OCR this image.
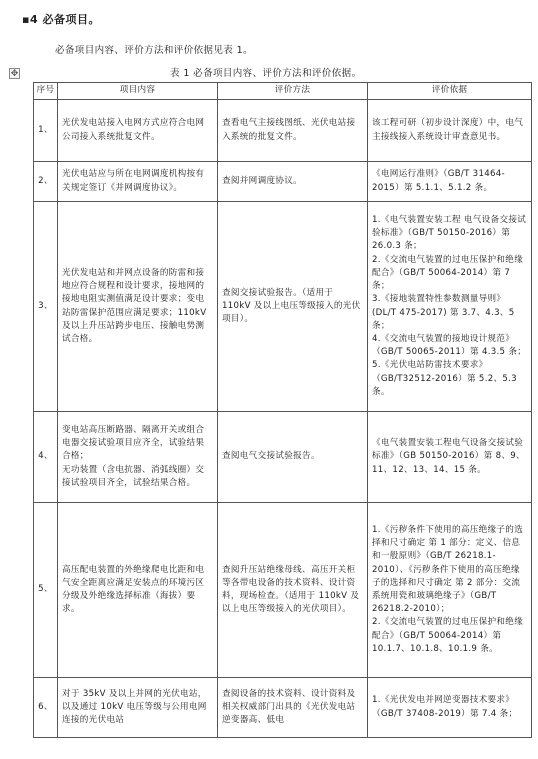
▪4 必备项目。
必备项目内容、评价方法和评价依据见表 1。
✥	表 1 必备项目内容、评价方法和评价依据。
序号	项目内容	评价方法	评价依据
1、	光伏发电站接入电网方式应符合电网公司接入系统批复文件。	查看电气主接线图纸、光伏电站接入系统的批复文件。	该工程可研（初步设计深度）中，电气主接线接入系统设计审查意见书。
2、	光伏电站应与所在电网调度机构按有关规定签订《并网调度协议》。	查阅并网调度协议。	《电网运行准则》（GB/T 31464-2015）第 5.1.1、5.1.2 条。
3、	光伏发电站和并网点设备的防雷和接地应符合规程和设计要求，接地网的接地电阻实测值满足设计要求；变电站防雷保护范围应满足要求；110kV 及以上升压站跨步电压、接触电势测试合格。	查阅交接试验报告。（适用于 110kV 及以上电压等级接入的光伏项目）。	1.《电气装置安装工程 电气设备交接试验标准》（GB/T 50150-2016）第 26.0.3 条；
2.《交流电气装置的过电压保护和绝缘配合》（GB/T 50064-2014）第 7 条；
3.《接地装置特性参数测量导则》(DL/T 475-2017) 第 3.7、4.3、5 条；
4.《交流电气装置的接地设计规范》（GB/T 50065-2011）第 4.3.5 条；
5.《光伏电站防雷技术要求》（GB/T32512-2016）第 5.2、5.3 条。
4、	变电站高压断路器、隔离开关或组合电器交接试验项目应齐全，试验结果合格；
无功装置（含电抗器、消弧线圈）交接试验项目齐全，试验结果合格。	查阅电气交接试验报告。	《电气装置安装工程电气设备交接试验标准》（GB 50150-2016）第 8、9、11、12、13、14、15 条。
5、	高压配电装置的外绝缘爬电比距和电气安全距离应满足安装点的环境污区分级及外绝缘选择标准（海拔）要求。	查阅升压站绝缘母线、高压开关柜等各带电设备的技术资料、设计资料，现场检查。（适用于 110kV 及以上电压等级接入的光伏项目）。	1.《污秽条件下使用的高压绝缘子的选择和尺寸确定 第 1 部分：定义、信息和一般原则》（GB/T 26218.1-2010）、《污秽条件下使用的高压绝缘子的选择和尺寸确定 第 2 部分：交流系统用瓷和玻璃绝缘子》（GB/T 26218.2-2010）；
2.《交流电气装置的过电压保护和绝缘配合》（GB/T 50064-2014）第 10.1.7、10.1.8、10.1.9 条。
6、	对于 35kV 及以上并网的光伏电站，以及通过 10kV 电压等级与公用电网连接的光伏电站	查阅设备的技术资料、设计资料及相关权威部门出具的《光伏发电站逆变器高、低电	1.《光伏发电并网逆变器技术要求》（GB/T 37408-2019）第 7.4 条；
